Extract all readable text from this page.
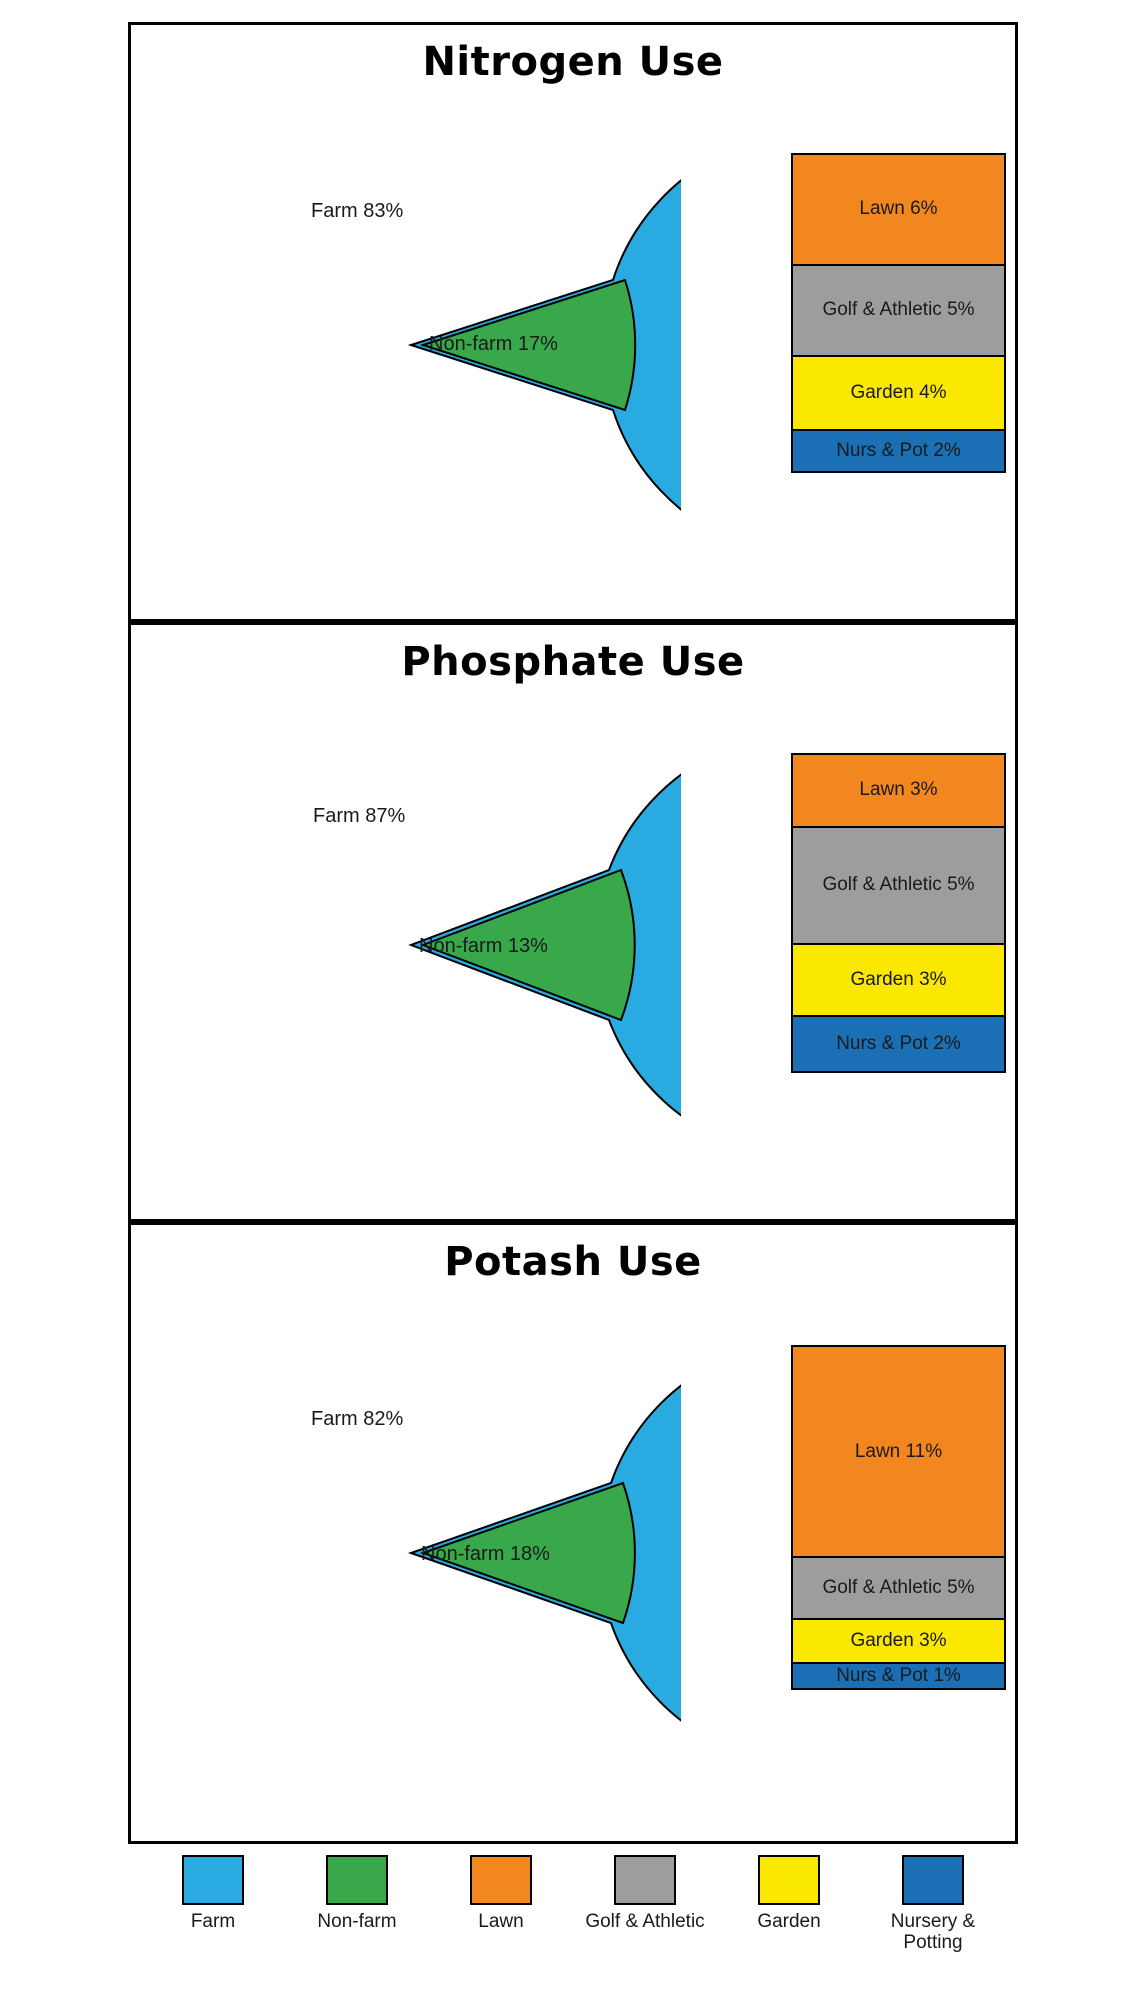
Nitrogen Use
Farm 83%
Non-farm 17%
Lawn 6%
Golf & Athletic 5%
Garden 4%
Nurs & Pot 2%
Phosphate Use
Farm 87%
Non-farm 13%
Lawn 3%
Golf & Athletic 5%
Garden 3%
Nurs & Pot 2%
Potash Use
Farm 82%
Non-farm 18%
Lawn 11%
Golf & Athletic 5%
Garden 3%
Nurs & Pot 1%
Farm	Non-farm	Lawn	Golf & Athletic	Garden	Nursery & Potting
